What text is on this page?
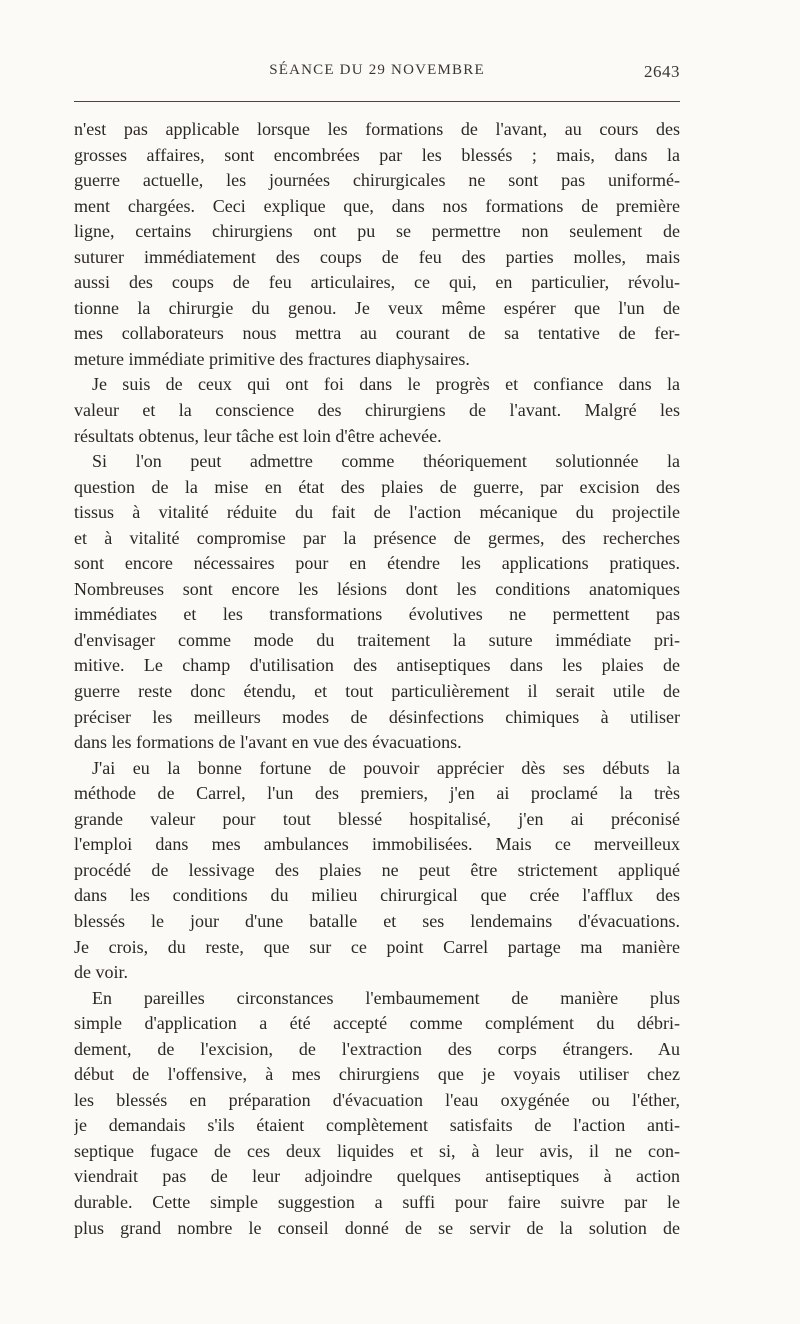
SÉANCE DU 29 NOVEMBRE	2643
n'est pas applicable lorsque les formations de l'avant, au cours des
grosses affaires, sont encombrées par les blessés ; mais, dans la
guerre actuelle, les journées chirurgicales ne sont pas uniformé-
ment chargées. Ceci explique que, dans nos formations de première
ligne, certains chirurgiens ont pu se permettre non seulement de
suturer immédiatement des coups de feu des parties molles, mais
aussi des coups de feu articulaires, ce qui, en particulier, révolu-
tionne la chirurgie du genou. Je veux même espérer que l'un de
mes collaborateurs nous mettra au courant de sa tentative de fer-
meture immédiate primitive des fractures diaphysaires.
Je suis de ceux qui ont foi dans le progrès et confiance dans la
valeur et la conscience des chirurgiens de l'avant. Malgré les
résultats obtenus, leur tâche est loin d'être achevée.
Si l'on peut admettre comme théoriquement solutionnée la
question de la mise en état des plaies de guerre, par excision des
tissus à vitalité réduite du fait de l'action mécanique du projectile
et à vitalité compromise par la présence de germes, des recherches
sont encore nécessaires pour en étendre les applications pratiques.
Nombreuses sont encore les lésions dont les conditions anatomiques
immédiates et les transformations évolutives ne permettent pas
d'envisager comme mode du traitement la suture immédiate pri-
mitive. Le champ d'utilisation des antiseptiques dans les plaies de
guerre reste donc étendu, et tout particulièrement il serait utile de
préciser les meilleurs modes de désinfections chimiques à utiliser
dans les formations de l'avant en vue des évacuations.
J'ai eu la bonne fortune de pouvoir apprécier dès ses débuts la
méthode de Carrel, l'un des premiers, j'en ai proclamé la très
grande valeur pour tout blessé hospitalisé, j'en ai préconisé
l'emploi dans mes ambulances immobilisées. Mais ce merveilleux
procédé de lessivage des plaies ne peut être strictement appliqué
dans les conditions du milieu chirurgical que crée l'afflux des
blessés le jour d'une batalle et ses lendemains d'évacuations.
Je crois, du reste, que sur ce point Carrel partage ma manière
de voir.
En pareilles circonstances l'embaumement de manière plus
simple d'application a été accepté comme complément du débri-
dement, de l'excision, de l'extraction des corps étrangers. Au
début de l'offensive, à mes chirurgiens que je voyais utiliser chez
les blessés en préparation d'évacuation l'eau oxygénée ou l'éther,
je demandais s'ils étaient complètement satisfaits de l'action anti-
septique fugace de ces deux liquides et si, à leur avis, il ne con-
viendrait pas de leur adjoindre quelques antiseptiques à action
durable. Cette simple suggestion a suffi pour faire suivre par le
plus grand nombre le conseil donné de se servir de la solution de
